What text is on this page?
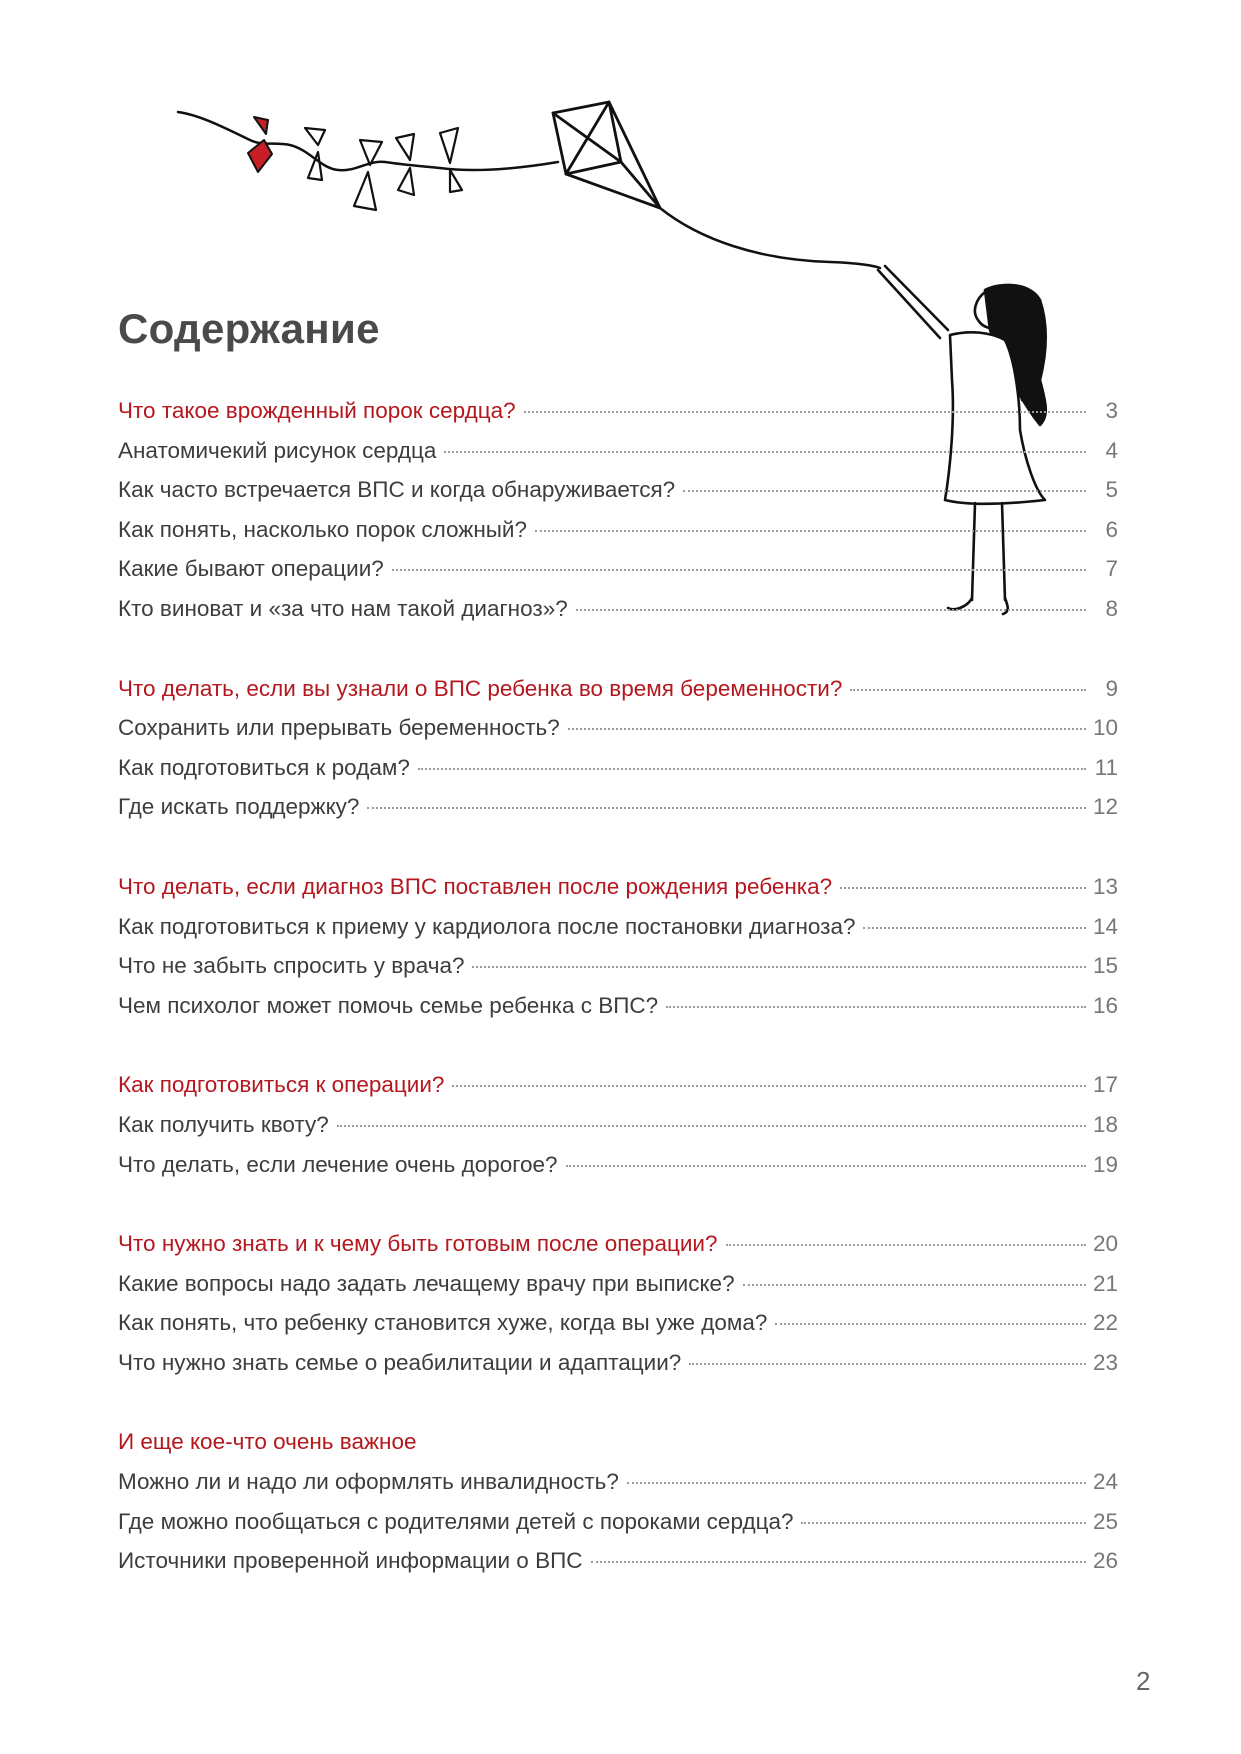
Содержание
Что такое врожденный порок сердца?	3
Анатомичекий рисунок сердца	4
Как часто встречается ВПС и когда обнаруживается?	5
Как понять, насколько порок сложный?	6
Какие бывают операции?	7
Кто виноват и «за что нам такой диагноз»?	8
Что делать, если вы узнали о ВПС ребенка во время беременности?	9
Сохранить или прерывать беременность?	10
Как подготовиться к родам?	11
Где искать поддержку?	12
Что делать, если диагноз ВПС поставлен после рождения ребенка?	13
Как подготовиться к приему у кардиолога после постановки диагноза?	14
Что не забыть спросить у врача?	15
Чем психолог может помочь семье ребенка с ВПС?	16
Как подготовиться к операции?	17
Как получить квоту?	18
Что делать, если лечение очень дорогое?	19
Что нужно знать и к чему быть готовым после операции?	20
Какие вопросы надо задать лечащему врачу при выписке?	21
Как понять, что ребенку становится хуже, когда вы уже дома?	22
Что нужно знать семье о реабилитации и адаптации?	23
И еще кое-что очень важное
Можно ли и надо ли оформлять инвалидность?	24
Где можно пообщаться с родителями детей с пороками сердца?	25
Источники проверенной информации о ВПС	26
2
